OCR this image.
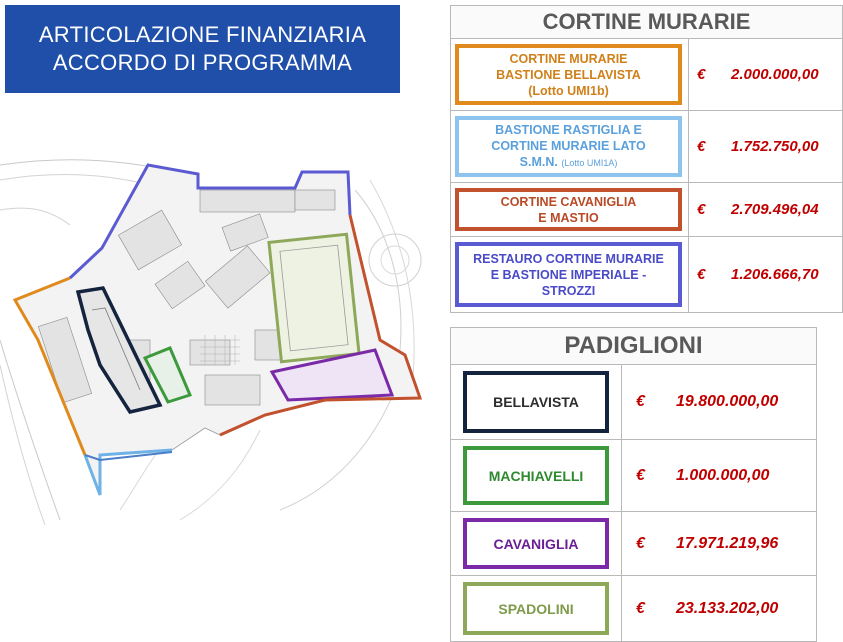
ARTICOLAZIONE FINANZIARIA
ACCORDO DI PROGRAMMA
CORTINE MURARIE	

CORTINE MURARIE
BASTIONE BELLAVISTA
(Lotto UMI1b)	€ 2.000.000,00

BASTIONE RASTIGLIA E
CORTINE MURARIE LATO
S.M.N. (Lotto UMI1A)	€ 1.752.750,00

CORTINE CAVANIGLIA
E MASTIO	€ 2.709.496,04

RESTAURO CORTINE MURARIE
E BASTIONE IMPERIALE -
STROZZI	€ 1.206.666,70
PADIGLIONI	

BELLAVISTA	€ 19.800.000,00

MACHIAVELLI	€ 1.000.000,00

CAVANIGLIA	€ 17.971.219,96

SPADOLINI	€ 23.133.202,00
